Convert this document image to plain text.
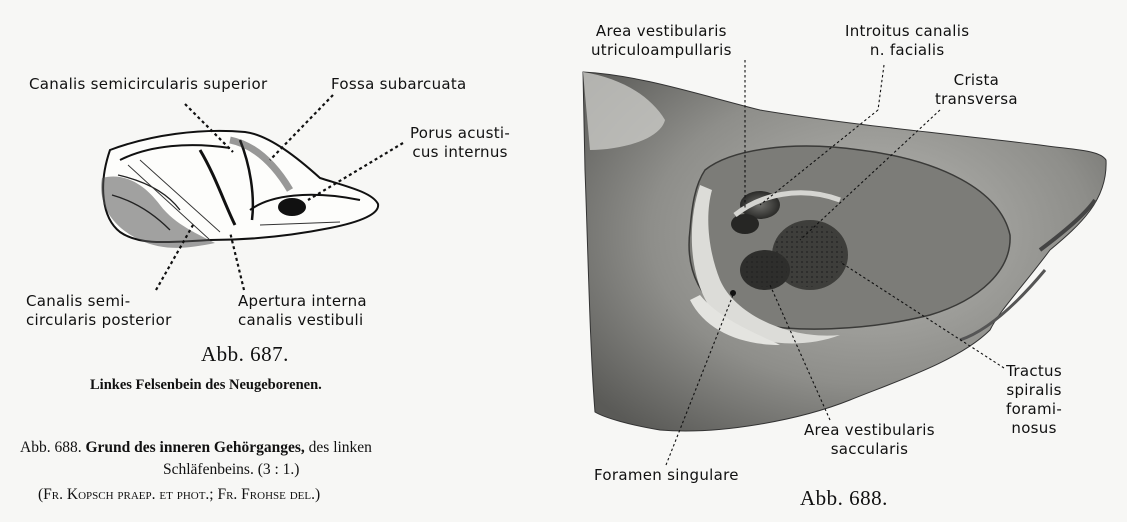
Canalis semicircularis superior	Fossa subarcuata
Porus acusti-
cus internus
Canalis semi-
circularis posterior
Apertura interna
canalis vestibuli
Abb. 687.
Linkes Felsenbein des Neugeborenen.
Abb. 688. Grund des inneren Gehörganges, des linken
Schläfenbeins. (3 : 1.)
(Fr. Kopsch praep. et phot.; Fr. Frohse del.)
Area vestibularis
utriculoampullaris
Introitus canalis
n. facialis
Crista
transversa
Tractus
spiralis
forami-
nosus
Area vestibularis
saccularis
Foramen singulare
Abb. 688.
